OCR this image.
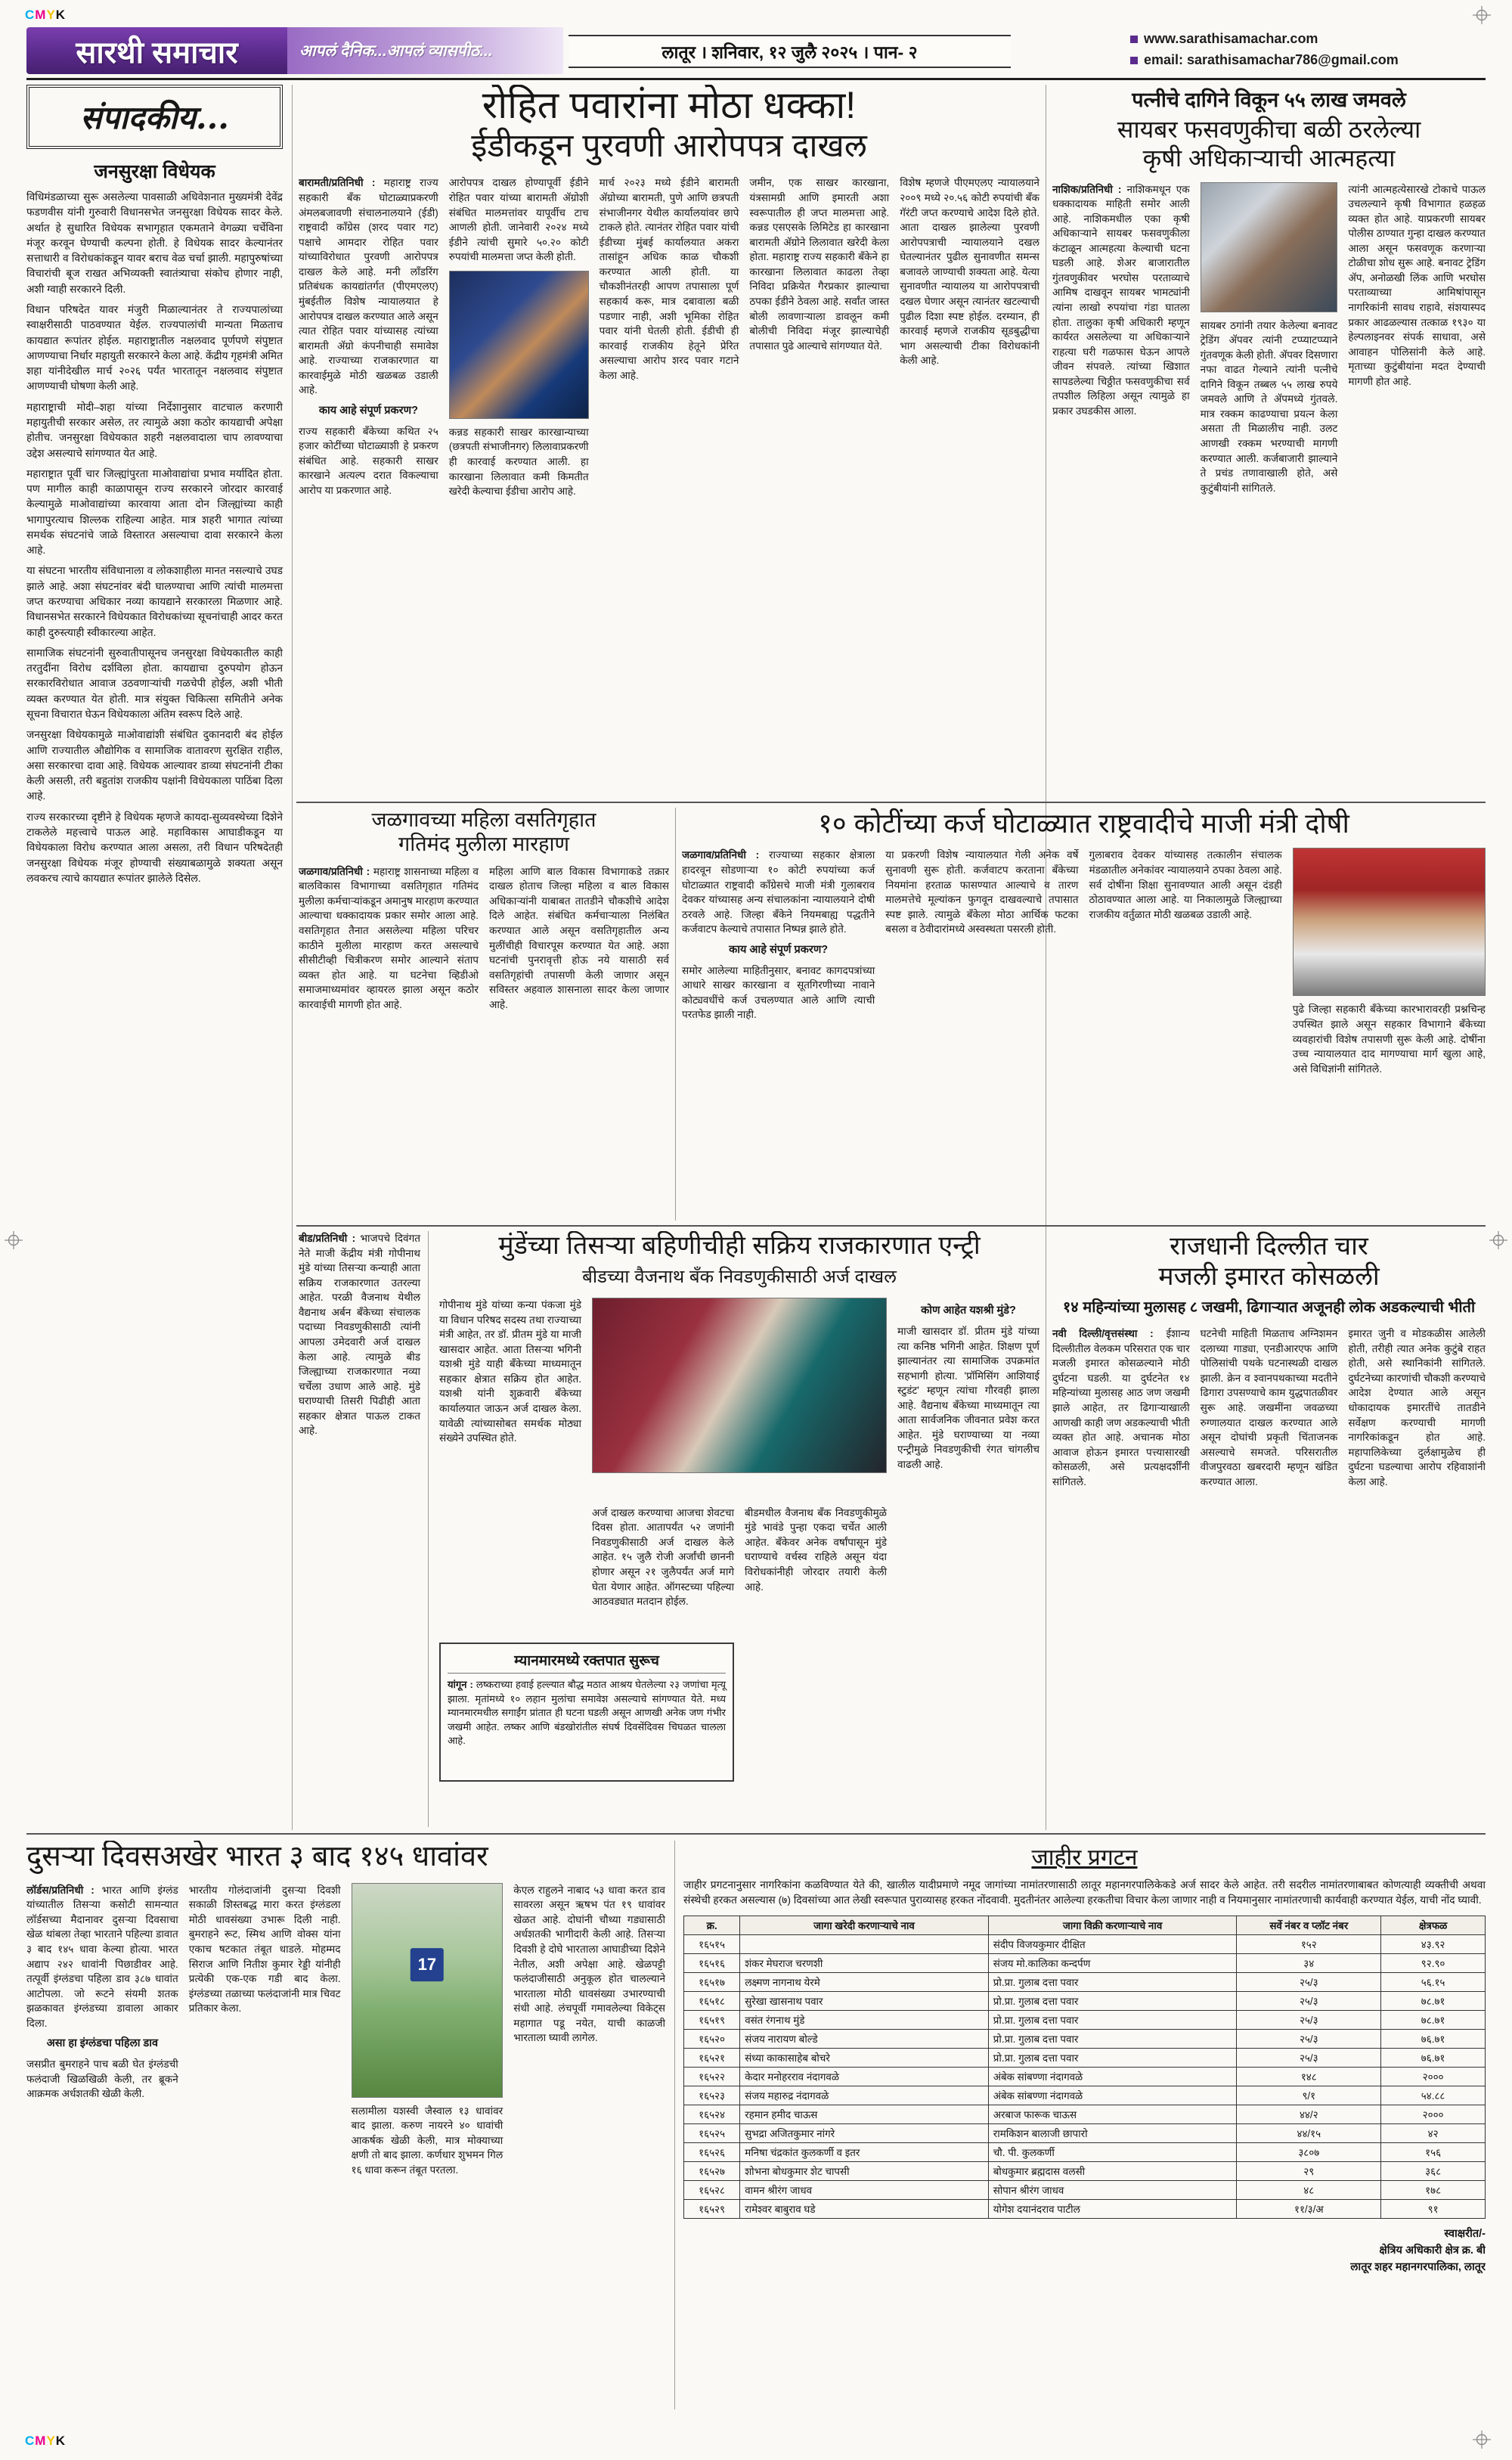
CMYK
CMYK
सारथी समाचार	आपलं दैनिक...आपलं व्यासपीठ...	लातूर । शनिवार, १२ जुलै २०२५ । पान- २
www.sarathisamachar.com
email: sarathisamachar786@gmail.com
संपादकीय...
जनसुरक्षा विधेयक

विधिमंडळाच्या सुरू असलेल्या पावसाळी अधिवेशनात मुख्यमंत्री देवेंद्र फडणवीस यांनी गुरुवारी विधानसभेत जनसुरक्षा विधेयक सादर केले. अर्थात हे सुधारित विधेयक सभागृहात एकमताने वेगळ्या चर्चेविना मंजूर करवून घेण्याची कल्पना होती. हे विधेयक सादर केल्यानंतर सत्ताधारी व विरोधकांकडून यावर बराच वेळ चर्चा झाली. महापुरुषांच्या विचारांची बूज राखत अभिव्यक्ती स्वातंत्र्याचा संकोच होणार नाही, अशी ग्वाही सरकारने दिली.

विधान परिषदेत यावर मंजुरी मिळाल्यानंतर ते राज्यपालांच्या स्वाक्षरीसाठी पाठवण्यात येईल. राज्यपालांची मान्यता मिळताच कायद्यात रूपांतर होईल. महाराष्ट्रातील नक्षलवाद पूर्णपणे संपुष्टात आणण्याचा निर्धार महायुती सरकारने केला आहे. केंद्रीय गृहमंत्री अमित शहा यांनीदेखील मार्च २०२६ पर्यंत भारतातून नक्षलवाद संपुष्टात आणण्याची घोषणा केली आहे.

महाराष्ट्राची मोदी–शहा यांच्या निर्देशानुसार वाटचाल करणारी महायुतीची सरकार असेल, तर त्यामुळे अशा कठोर कायद्याची अपेक्षा होतीच. जनसुरक्षा विधेयकात शहरी नक्षलवादाला चाप लावण्याचा उद्देश असल्याचे सांगण्यात येत आहे.

महाराष्ट्रात पूर्वी चार जिल्ह्यांपुरता माओवाद्यांचा प्रभाव मर्यादित होता. पण मागील काही काळापासून राज्य सरकारने जोरदार कारवाई केल्यामुळे माओवाद्यांच्या कारवाया आता दोन जिल्ह्यांच्या काही भागापुरत्याच शिल्लक राहिल्या आहेत. मात्र शहरी भागात त्यांच्या समर्थक संघटनांचे जाळे विस्तारत असल्याचा दावा सरकारने केला आहे.

या संघटना भारतीय संविधानाला व लोकशाहीला मानत नसल्याचे उघड झाले आहे. अशा संघटनांवर बंदी घालण्याचा आणि त्यांची मालमत्ता जप्त करण्याचा अधिकार नव्या कायद्याने सरकारला मिळणार आहे. विधानसभेत सरकारने विधेयकात विरोधकांच्या सूचनांचाही आदर करत काही दुरुस्त्याही स्वीकारल्या आहेत.

सामाजिक संघटनांनी सुरुवातीपासूनच जनसुरक्षा विधेयकातील काही तरतुदींना विरोध दर्शविला होता. कायद्याचा दुरुपयोग होऊन सरकारविरोधात आवाज उठवणाऱ्यांची गळचेपी होईल, अशी भीती व्यक्त करण्यात येत होती. मात्र संयुक्त चिकित्सा समितीने अनेक सूचना विचारात घेऊन विधेयकाला अंतिम स्वरूप दिले आहे.

जनसुरक्षा विधेयकामुळे माओवाद्यांशी संबंधित दुकानदारी बंद होईल आणि राज्यातील औद्योगिक व सामाजिक वातावरण सुरक्षित राहील, असा सरकारचा दावा आहे. विधेयक आल्यावर डाव्या संघटनांनी टीका केली असली, तरी बहुतांश राजकीय पक्षांनी विधेयकाला पाठिंबा दिला आहे.

राज्य सरकारच्या दृष्टीने हे विधेयक म्हणजे कायदा-सुव्यवस्थेच्या दिशेने टाकलेले महत्त्वाचे पाऊल आहे. महाविकास आघाडीकडून या विधेयकाला विरोध करण्यात आला असला, तरी विधान परिषदेतही जनसुरक्षा विधेयक मंजूर होण्याची संख्याबळामुळे शक्यता असून लवकरच त्याचे कायद्यात रूपांतर झालेले दिसेल.

रोहित पवारांना मोठा धक्का!
ईडीकडून पुरवणी आरोपपत्र दाखल
बारामती/प्रतिनिधी : महाराष्ट्र राज्य सहकारी बँक घोटाळ्याप्रकरणी अंमलबजावणी संचालनालयाने (ईडी) राष्ट्रवादी काँग्रेस (शरद पवार गट) पक्षाचे आमदार रोहित पवार यांच्याविरोधात पुरवणी आरोपपत्र दाखल केले आहे. मनी लाँडरिंग प्रतिबंधक कायद्यांतर्गत (पीएमएलए) मुंबईतील विशेष न्यायालयात हे आरोपपत्र दाखल करण्यात आले असून त्यात रोहित पवार यांच्यासह त्यांच्या बारामती ॲग्रो कंपनीचाही समावेश आहे. राज्याच्या राजकारणात या कारवाईमुळे मोठी खळबळ उडाली आहे.
काय आहे संपूर्ण प्रकरण?
राज्य सहकारी बँकेच्या कथित २५ हजार कोटींच्या घोटाळ्याशी हे प्रकरण संबंधित आहे. सहकारी साखर कारखाने अत्यल्प दरात विकल्याचा आरोप या प्रकरणात आहे.
आरोपपत्र दाखल होण्यापूर्वी ईडीने रोहित पवार यांच्या बारामती ॲग्रोशी संबंधित मालमत्तांवर यापूर्वीच टाच आणली होती. जानेवारी २०२४ मध्ये ईडीने त्यांची सुमारे ५०.२० कोटी रुपयांची मालमत्ता जप्त केली होती.
कन्नड सहकारी साखर कारखान्याच्या (छत्रपती संभाजीनगर) लिलावाप्रकरणी ही कारवाई करण्यात आली. हा कारखाना लिलावात कमी किमतीत खरेदी केल्याचा ईडीचा आरोप आहे.
मार्च २०२३ मध्ये ईडीने बारामती ॲग्रोच्या बारामती, पुणे आणि छत्रपती संभाजीनगर येथील कार्यालयांवर छापे टाकले होते. त्यानंतर रोहित पवार यांची ईडीच्या मुंबई कार्यालयात अकरा तासांहून अधिक काळ चौकशी करण्यात आली होती. या चौकशीनंतरही आपण तपासाला पूर्ण सहकार्य करू, मात्र दबावाला बळी पडणार नाही, अशी भूमिका रोहित पवार यांनी घेतली होती. ईडीची ही कारवाई राजकीय हेतूने प्रेरित असल्याचा आरोप शरद पवार गटाने केला आहे.
जमीन, एक साखर कारखाना, यंत्रसामग्री आणि इमारती अशा स्वरूपातील ही जप्त मालमत्ता आहे. कन्नड एसएसके लिमिटेड हा कारखाना बारामती ॲग्रोने लिलावात खरेदी केला होता. महाराष्ट्र राज्य सहकारी बँकेने हा कारखाना लिलावात काढला तेव्हा निविदा प्रक्रियेत गैरप्रकार झाल्याचा ठपका ईडीने ठेवला आहे. सर्वांत जास्त बोली लावणाऱ्याला डावलून कमी बोलीची निविदा मंजूर झाल्याचेही तपासात पुढे आल्याचे सांगण्यात येते.
विशेष म्हणजे पीएमएलए न्यायालयाने २००९ मध्ये २०.५६ कोटी रुपयांची बँक गॅरंटी जप्त करण्याचे आदेश दिले होते. आता दाखल झालेल्या पुरवणी आरोपपत्राची न्यायालयाने दखल घेतल्यानंतर पुढील सुनावणीत समन्स बजावले जाण्याची शक्यता आहे. येत्या सुनावणीत न्यायालय या आरोपपत्राची दखल घेणार असून त्यानंतर खटल्याची पुढील दिशा स्पष्ट होईल. दरम्यान, ही कारवाई म्हणजे राजकीय सूडबुद्धीचा भाग असल्याची टीका विरोधकांनी केली आहे.
पत्नीचे दागिने विकून ५५ लाख जमवले
सायबर फसवणुकीचा बळी ठरलेल्या
कृषी अधिकाऱ्याची आत्महत्या
नाशिक/प्रतिनिधी : नाशिकमधून एक धक्कादायक माहिती समोर आली आहे. नाशिकमधील एका कृषी अधिकाऱ्याने सायबर फसवणुकीला कंटाळून आत्महत्या केल्याची घटना घडली आहे. शेअर बाजारातील गुंतवणुकीवर भरघोस परताव्याचे आमिष दाखवून सायबर भामट्यांनी त्यांना लाखो रुपयांचा गंडा घातला होता. तालुका कृषी अधिकारी म्हणून कार्यरत असलेल्या या अधिकाऱ्याने राहत्या घरी गळफास घेऊन आपले जीवन संपवले. त्यांच्या खिशात सापडलेल्या चिठ्ठीत फसवणुकीचा सर्व तपशील लिहिला असून त्यामुळे हा प्रकार उघडकीस आला.
सायबर ठगांनी तयार केलेल्या बनावट ट्रेडिंग ॲपवर त्यांनी टप्प्याटप्प्याने गुंतवणूक केली होती. ॲपवर दिसणारा नफा वाढत गेल्याने त्यांनी पत्नीचे दागिने विकून तब्बल ५५ लाख रुपये जमवले आणि ते ॲपमध्ये गुंतवले. मात्र रक्कम काढण्याचा प्रयत्न केला असता ती मिळालीच नाही. उलट आणखी रक्कम भरण्याची मागणी करण्यात आली. कर्जबाजारी झाल्याने ते प्रचंड तणावाखाली होते, असे कुटुंबीयांनी सांगितले.
त्यांनी आत्महत्येसारखे टोकाचे पाऊल उचलल्याने कृषी विभागात हळहळ व्यक्त होत आहे. याप्रकरणी सायबर पोलीस ठाण्यात गुन्हा दाखल करण्यात आला असून फसवणूक करणाऱ्या टोळीचा शोध सुरू आहे. बनावट ट्रेडिंग ॲप, अनोळखी लिंक आणि भरघोस परताव्याच्या आमिषांपासून नागरिकांनी सावध राहावे, संशयास्पद प्रकार आढळल्यास तत्काळ १९३० या हेल्पलाइनवर संपर्क साधावा, असे आवाहन पोलिसांनी केले आहे. मृताच्या कुटुंबीयांना मदत देण्याची मागणी होत आहे.
जळगावच्या महिला वसतिगृहात
गतिमंद मुलीला मारहाण
जळगाव/प्रतिनिधी : महाराष्ट्र शासनाच्या महिला व बालविकास विभागाच्या वसतिगृहात गतिमंद मुलीला कर्मचाऱ्यांकडून अमानुष मारहाण करण्यात आल्याचा धक्कादायक प्रकार समोर आला आहे. वसतिगृहात तैनात असलेल्या महिला परिचर काठीने मुलीला मारहाण करत असल्याचे सीसीटीव्ही चित्रीकरण समोर आल्याने संताप व्यक्त होत आहे. या घटनेचा व्हिडीओ समाजमाध्यमांवर व्हायरल झाला असून कठोर कारवाईची मागणी होत आहे.
महिला आणि बाल विकास विभागाकडे तक्रार दाखल होताच जिल्हा महिला व बाल विकास अधिकाऱ्यांनी याबाबत तातडीने चौकशीचे आदेश दिले आहेत. संबंधित कर्मचाऱ्याला निलंबित करण्यात आले असून वसतिगृहातील अन्य मुलींचीही विचारपूस करण्यात येत आहे. अशा घटनांची पुनरावृत्ती होऊ नये यासाठी सर्व वसतिगृहांची तपासणी केली जाणार असून सविस्तर अहवाल शासनाला सादर केला जाणार आहे.
१० कोटींच्या कर्ज घोटाळ्यात राष्ट्रवादीचे माजी मंत्री दोषी
जळगाव/प्रतिनिधी : राज्याच्या सहकार क्षेत्राला हादरवून सोडणाऱ्या १० कोटी रुपयांच्या कर्ज घोटाळ्यात राष्ट्रवादी काँग्रेसचे माजी मंत्री गुलाबराव देवकर यांच्यासह अन्य संचालकांना न्यायालयाने दोषी ठरवले आहे. जिल्हा बँकेने नियमबाह्य पद्धतीने कर्जवाटप केल्याचे तपासात निष्पन्न झाले होते.
काय आहे संपूर्ण प्रकरण?
समोर आलेल्या माहितीनुसार, बनावट कागदपत्रांच्या आधारे साखर कारखाना व सूतगिरणीच्या नावाने कोट्यवधींचे कर्ज उचलण्यात आले आणि त्याची परतफेड झाली नाही.
या प्रकरणी विशेष न्यायालयात गेली अनेक वर्षे सुनावणी सुरू होती. कर्जवाटप करताना बँकेच्या नियमांना हरताळ फासण्यात आल्याचे व तारण मालमत्तेचे मूल्यांकन फुगवून दाखवल्याचे तपासात स्पष्ट झाले. त्यामुळे बँकेला मोठा आर्थिक फटका बसला व ठेवीदारांमध्ये अस्वस्थता पसरली होती.
गुलाबराव देवकर यांच्यासह तत्कालीन संचालक मंडळातील अनेकांवर न्यायालयाने ठपका ठेवला आहे. सर्व दोषींना शिक्षा सुनावण्यात आली असून दंडही ठोठावण्यात आला आहे. या निकालामुळे जिल्ह्याच्या राजकीय वर्तुळात मोठी खळबळ उडाली आहे.
पुढे जिल्हा सहकारी बँकेच्या कारभारावरही प्रश्नचिन्ह उपस्थित झाले असून सहकार विभागाने बँकेच्या व्यवहारांची विशेष तपासणी सुरू केली आहे. दोषींना उच्च न्यायालयात दाद मागण्याचा मार्ग खुला आहे, असे विधिज्ञांनी सांगितले.
बीड/प्रतिनिधी : भाजपचे दिवंगत नेते माजी केंद्रीय मंत्री गोपीनाथ मुंडे यांच्या तिसऱ्या कन्याही आता सक्रिय राजकारणात उतरल्या आहेत. परळी वैजनाथ येथील वैद्यनाथ अर्बन बँकेच्या संचालक पदाच्या निवडणुकीसाठी त्यांनी आपला उमेदवारी अर्ज दाखल केला आहे. त्यामुळे बीड जिल्ह्याच्या राजकारणात नव्या चर्चेला उधाण आले आहे. मुंडे घराण्याची तिसरी पिढीही आता सहकार क्षेत्रात पाऊल टाकत आहे.
मुंडेंच्या तिसऱ्या बहिणीचीही सक्रिय राजकारणात एन्ट्री
बीडच्या वैजनाथ बँक निवडणुकीसाठी अर्ज दाखल
गोपीनाथ मुंडे यांच्या कन्या पंकजा मुंडे या विधान परिषद सदस्य तथा राज्याच्या मंत्री आहेत, तर डॉ. प्रीतम मुंडे या माजी खासदार आहेत. आता तिसऱ्या भगिनी यशश्री मुंडे याही बँकेच्या माध्यमातून सहकार क्षेत्रात सक्रिय होत आहेत. यशश्री यांनी शुक्रवारी बँकेच्या कार्यालयात जाऊन अर्ज दाखल केला. यावेळी त्यांच्यासोबत समर्थक मोठ्या संख्येने उपस्थित होते.
अर्ज दाखल करण्याचा आजचा शेवटचा दिवस होता. आतापर्यंत ५२ जणांनी निवडणुकीसाठी अर्ज दाखल केले आहेत. १५ जुलै रोजी अर्जांची छाननी होणार असून २१ जुलैपर्यंत अर्ज मागे घेता येणार आहेत. ऑगस्टच्या पहिल्या आठवड्यात मतदान होईल.
बीडमधील वैजनाथ बँक निवडणुकीमुळे मुंडे भावंडे पुन्हा एकदा चर्चेत आली आहेत. बँकेवर अनेक वर्षांपासून मुंडे घराण्याचे वर्चस्व राहिले असून यंदा विरोधकांनीही जोरदार तयारी केली आहे.
कोण आहेत यशश्री मुंडे?
माजी खासदार डॉ. प्रीतम मुंडे यांच्या त्या कनिष्ठ भगिनी आहेत. शिक्षण पूर्ण झाल्यानंतर त्या सामाजिक उपक्रमांत सहभागी होत्या. 'प्रॉमिसिंग आशियाई स्टुडंट' म्हणून त्यांचा गौरवही झाला आहे. वैद्यनाथ बँकेच्या माध्यमातून त्या आता सार्वजनिक जीवनात प्रवेश करत आहेत. मुंडे घराण्याच्या या नव्या एन्ट्रीमुळे निवडणुकीची रंगत चांगलीच वाढली आहे.
म्यानमारमध्ये रक्तपात सुरूच
यांगून : लष्कराच्या हवाई हल्ल्यात बौद्ध मठात आश्रय घेतलेल्या २३ जणांचा मृत्यू झाला. मृतांमध्ये १० लहान मुलांचा समावेश असल्याचे सांगण्यात येते. मध्य म्यानमारमधील सगाईंग प्रांतात ही घटना घडली असून आणखी अनेक जण गंभीर जखमी आहेत. लष्कर आणि बंडखोरांतील संघर्ष दिवसेंदिवस चिघळत चालला आहे.
राजधानी दिल्लीत चार
मजली इमारत कोसळली
१४ महिन्यांच्या मुलासह ८ जखमी, ढिगाऱ्यात अजूनही लोक अडकल्याची भीती
नवी दिल्ली/वृत्तसंस्था : ईशान्य दिल्लीतील वेलकम परिसरात एक चार मजली इमारत कोसळल्याने मोठी दुर्घटना घडली. या दुर्घटनेत १४ महिन्यांच्या मुलासह आठ जण जखमी झाले आहेत, तर ढिगाऱ्याखाली आणखी काही जण अडकल्याची भीती व्यक्त होत आहे. अचानक मोठा आवाज होऊन इमारत पत्त्यासारखी कोसळली, असे प्रत्यक्षदर्शींनी सांगितले.
घटनेची माहिती मिळताच अग्निशमन दलाच्या गाड्या, एनडीआरएफ आणि पोलिसांची पथके घटनास्थळी दाखल झाली. क्रेन व श्वानपथकाच्या मदतीने ढिगारा उपसण्याचे काम युद्धपातळीवर सुरू आहे. जखमींना जवळच्या रुग्णालयात दाखल करण्यात आले असून दोघांची प्रकृती चिंताजनक असल्याचे समजते. परिसरातील वीजपुरवठा खबरदारी म्हणून खंडित करण्यात आला.
इमारत जुनी व मोडकळीस आलेली होती, तरीही त्यात अनेक कुटुंबे राहत होती, असे स्थानिकांनी सांगितले. दुर्घटनेच्या कारणांची चौकशी करण्याचे आदेश देण्यात आले असून धोकादायक इमारतींचे तातडीने सर्वेक्षण करण्याची मागणी नागरिकांकडून होत आहे. महापालिकेच्या दुर्लक्षामुळेच ही दुर्घटना घडल्याचा आरोप रहिवाशांनी केला आहे.
दुसऱ्या दिवसअखेर भारत ३ बाद १४५ धावांवर
लॉर्डस/प्रतिनिधी : भारत आणि इंग्लंड यांच्यातील तिसऱ्या कसोटी सामन्यात लॉर्डसच्या मैदानावर दुसऱ्या दिवसाचा खेळ थांबला तेव्हा भारताने पहिल्या डावात ३ बाद १४५ धावा केल्या होत्या. भारत अद्याप २४२ धावांनी पिछाडीवर आहे. तत्पूर्वी इंग्लंडचा पहिला डाव ३८७ धावांत आटोपला. जो रूटने संयमी शतक झळकावत इंग्लंडच्या डावाला आकार दिला.
असा हा इंग्लंडचा पहिला डाव
जसप्रीत बुमराहने पाच बळी घेत इंग्लंडची फलंदाजी खिळखिळी केली, तर ब्रूकने आक्रमक अर्धशतकी खेळी केली.
भारतीय गोलंदाजांनी दुसऱ्या दिवशी सकाळी शिस्तबद्ध मारा करत इंग्लंडला मोठी धावसंख्या उभारू दिली नाही. बुमराहने रूट, स्मिथ आणि वोक्स यांना एकाच षटकात तंबूत धाडले. मोहम्मद सिराज आणि नितीश कुमार रेड्डी यांनीही प्रत्येकी एक-एक गडी बाद केला. इंग्लंडच्या तळाच्या फलंदाजांनी मात्र चिवट प्रतिकार केला.
17
सलामीला यशस्वी जैस्वाल १३ धावांवर बाद झाला. करुण नायरने ४० धावांची आकर्षक खेळी केली, मात्र मोक्याच्या क्षणी तो बाद झाला. कर्णधार शुभमन गिल १६ धावा करून तंबूत परतला.
केएल राहुलने नाबाद ५३ धावा करत डाव सावरला असून ऋषभ पंत १९ धावांवर खेळत आहे. दोघांनी चौथ्या गड्यासाठी अर्धशतकी भागीदारी केली आहे. तिसऱ्या दिवशी हे दोघे भारताला आघाडीच्या दिशेने नेतील, अशी अपेक्षा आहे. खेळपट्टी फलंदाजीसाठी अनुकूल होत चालल्याने भारताला मोठी धावसंख्या उभारण्याची संधी आहे. लंचपूर्वी गमावलेल्या विकेट्स महागात पडू नयेत, याची काळजी भारताला घ्यावी लागेल.
जाहीर प्रगटन
जाहीर प्रगटनानुसार नागरिकांना कळविण्यात येते की, खालील यादीप्रमाणे नमूद जागांच्या नामांतरणासाठी लातूर महानगरपालिकेकडे अर्ज सादर केले आहेत. तरी सदरील नामांतरणाबाबत कोणत्याही व्यक्तीची अथवा संस्थेची हरकत असल्यास (७) दिवसांच्या आत लेखी स्वरूपात पुराव्यासह हरकत नोंदवावी. मुदतीनंतर आलेल्या हरकतीचा विचार केला जाणार नाही व नियमानुसार नामांतरणाची कार्यवाही करण्यात येईल, याची नोंद घ्यावी.
क्र.	जागा खरेदी करणाऱ्याचे नाव	जागा विक्री करणाऱ्याचे नाव	सर्वे नंबर व प्लॉट नंबर	क्षेत्रफळ
१६५१५		संदीप विजयकुमार दीक्षित	१५२	४३.९२
१६५१६	शंकर मेघराज चरणशी	संजय मो.कालिका कन्दर्पण	३४	९२.९०
१६५१७	लक्ष्मण नागनाथ येरमे	प्रो.प्रा. गुलाब दत्ता पवार	२५/३	५६.१५
१६५१८	सुरेखा खासनाथ पवार	प्रो.प्रा. गुलाब दत्ता पवार	२५/३	७८.७१
१६५१९	वसंत रंगनाथ मुंडे	प्रो.प्रा. गुलाब दत्ता पवार	२५/३	७८.७१
१६५२०	संजय नारायण बोल्डे	प्रो.प्रा. गुलाब दत्ता पवार	२५/३	७६.७१
१६५२१	संध्या काकासाहेब बोचरे	प्रो.प्रा. गुलाब दत्ता पवार	२५/३	७६.७१
१६५२२	केदार मनोहरराव नंदागवळे	अंबेक सांबण्णा नंदागवळे	१४८	२०००
१६५२३	संजय महारुद्र नंदागवळे	अंबेक सांबण्णा नंदागवळे	९/१	५४.८८
१६५२४	रहमान हमीद चाऊस	अरबाज फारूक चाऊस	४४/२	२०००
१६५२५	सुभद्रा अजितकुमार नांगरे	रामकिशन बालाजी छापारो	४४/१५	४२
१६५२६	मनिषा चंद्रकांत कुलकर्णी व इतर	चौ. पी. कुलकर्णी	३८०७	१५६
१६५२७	शोभना बोधकुमार शेट चापसी	बोधकुमार ब्रह्मदास वलसी	२९	३६८
१६५२८	वामन श्रीरंग जाधव	सोपान श्रीरंग जाधव	४८	१७८
१६५२९	रामेश्वर बाबुराव घडे	योगेश दयानंदराव पाटील	११/३/अ	९१
स्वाक्षरीत/-
क्षेत्रिय अधिकारी क्षेत्र क्र. बी
लातूर शहर महानगरपालिका, लातूर
